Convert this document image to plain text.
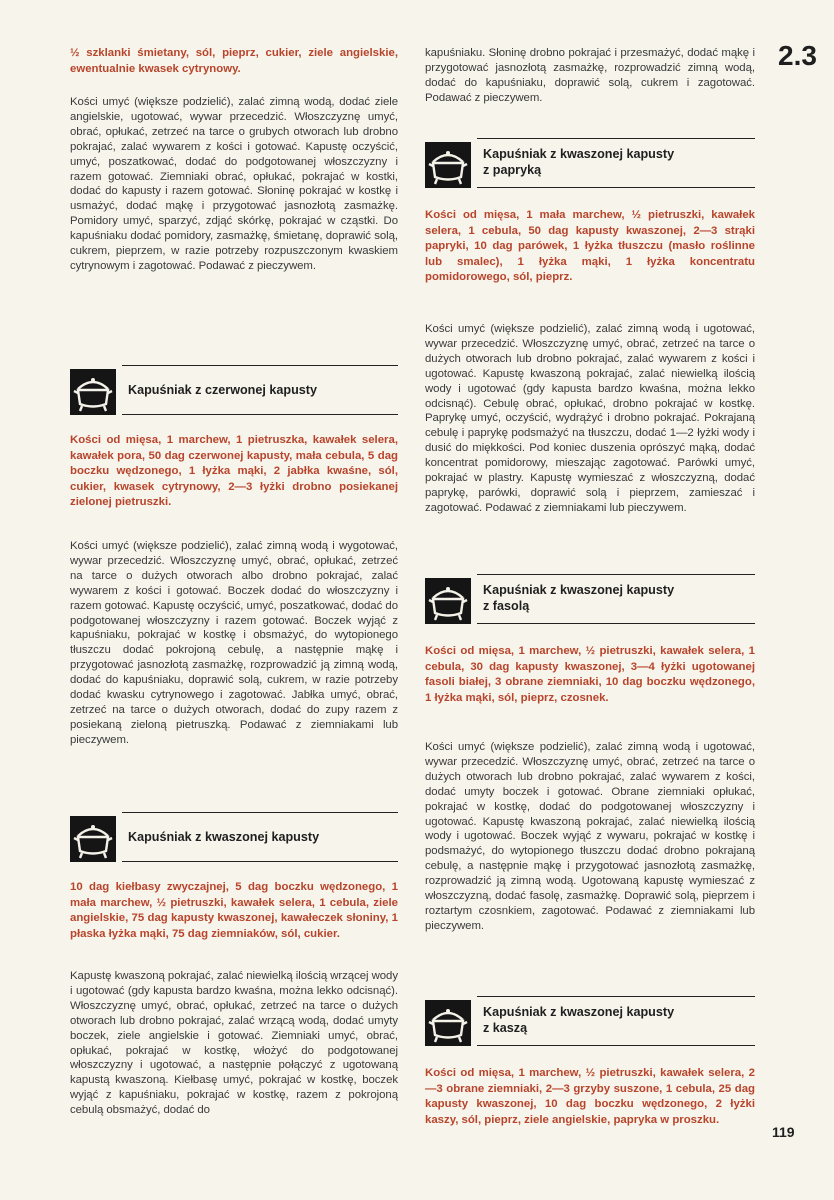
2.3

½ szklanki śmietany, sól, pieprz, cukier, ziele angielskie, ewentualnie kwasek cytrynowy.

Kości umyć (większe podzielić), zalać zimną wodą, dodać ziele angielskie, ugotować, wywar przecedzić. Włoszczyznę umyć, obrać, opłukać, zetrzeć na tarce o grubych otworach lub drobno pokrajać, zalać wywarem z kości i gotować. Kapustę oczyścić, umyć, poszatkować, dodać do podgotowanej włoszczyzny i razem gotować. Ziemniaki obrać, opłukać, pokrajać w kostki, dodać do kapusty i razem gotować. Słoninę pokrajać w kostkę i usmażyć, dodać mąkę i przygotować jasnozłotą zasmażkę. Pomidory umyć, sparzyć, zdjąć skórkę, pokrajać w cząstki. Do kapuśniaku dodać pomidory, zasmażkę, śmietanę, doprawić solą, cukrem, pieprzem, w razie potrzeby rozpuszczonym kwaskiem cytrynowym i zagotować. Podawać z pieczywem.

Kapuśniak z czerwonej kapusty

Kości od mięsa, 1 marchew, 1 pietruszka, kawałek selera, kawałek pora, 50 dag czerwonej kapusty, mała cebula, 5 dag boczku wędzonego, 1 łyżka mąki, 2 jabłka kwaśne, sól, cukier, kwasek cytrynowy, 2—3 łyżki drobno posiekanej zielonej pietruszki.

Kości umyć (większe podzielić), zalać zimną wodą i wygotować, wywar przecedzić. Włoszczyznę umyć, obrać, opłukać, zetrzeć na tarce o dużych otworach albo drobno pokrajać, zalać wywarem z kości i gotować. Boczek dodać do włoszczyzny i razem gotować. Kapustę oczyścić, umyć, poszatkować, dodać do podgotowanej włoszczyzny i razem gotować. Boczek wyjąć z kapuśniaku, pokrajać w kostkę i obsmażyć, do wytopionego tłuszczu dodać pokrojoną cebulę, a następnie mąkę i przygotować jasnozłotą zasmażkę, rozprowadzić ją zimną wodą, dodać do kapuśniaku, doprawić solą, cukrem, w razie potrzeby dodać kwasku cytrynowego i zagotować. Jabłka umyć, obrać, zetrzeć na tarce o dużych otworach, dodać do zupy razem z posiekaną zieloną pietruszką. Podawać z ziemniakami lub pieczywem.

Kapuśniak z kwaszonej kapusty

10 dag kiełbasy zwyczajnej, 5 dag boczku wędzonego, 1 mała marchew, ½ pietruszki, kawałek selera, 1 cebula, ziele angielskie, 75 dag kapusty kwaszonej, kawałeczek słoniny, 1 płaska łyżka mąki, 75 dag ziemniaków, sól, cukier.

Kapustę kwaszoną pokrajać, zalać niewielką ilością wrzącej wody i ugotować (gdy kapusta bardzo kwaśna, można lekko odcisnąć). Włoszczyznę umyć, obrać, opłukać, zetrzeć na tarce o dużych otworach lub drobno pokrajać, zalać wrzącą wodą, dodać umyty boczek, ziele angielskie i gotować. Ziemniaki umyć, obrać, opłukać, pokrajać w kostkę, włożyć do podgotowanej włoszczyzny i ugotować, a następnie połączyć z ugotowaną kapustą kwaszoną. Kiełbasę umyć, pokrajać w kostkę, boczek wyjąć z kapuśniaku, pokrajać w kostkę, razem z pokrojoną cebulą obsmażyć, dodać do

kapuśniaku. Słoninę drobno pokrajać i przesmażyć, dodać mąkę i przygotować jasnozłotą zasmażkę, rozprowadzić zimną wodą, dodać do kapuśniaku, doprawić solą, cukrem i zagotować. Podawać z pieczywem.

Kapuśniak z kwaszonej kapusty
z papryką

Kości od mięsa, 1 mała marchew, ½ pietruszki, kawałek selera, 1 cebula, 50 dag kapusty kwaszonej, 2—3 strąki papryki, 10 dag parówek, 1 łyżka tłuszczu (masło roślinne lub smalec), 1 łyżka mąki, 1 łyżka koncentratu pomidorowego, sól, pieprz.

Kości umyć (większe podzielić), zalać zimną wodą i ugotować, wywar przecedzić. Włoszczyznę umyć, obrać, zetrzeć na tarce o dużych otworach lub drobno pokrajać, zalać wywarem z kości i ugotować. Kapustę kwaszoną pokrajać, zalać niewielką ilością wody i ugotować (gdy kapusta bardzo kwaśna, można lekko odcisnąć). Cebulę obrać, opłukać, drobno pokrajać w kostkę. Paprykę umyć, oczyścić, wydrążyć i drobno pokrajać. Pokrajaną cebulę i paprykę podsmażyć na tłuszczu, dodać 1—2 łyżki wody i dusić do miękkości. Pod koniec duszenia oprószyć mąką, dodać koncentrat pomidorowy, mieszając zagotować. Parówki umyć, pokrajać w plastry. Kapustę wymieszać z włoszczyzną, dodać paprykę, parówki, doprawić solą i pieprzem, zamieszać i zagotować. Podawać z ziemniakami lub pieczywem.

Kapuśniak z kwaszonej kapusty
z fasolą

Kości od mięsa, 1 marchew, ½ pietruszki, kawałek selera, 1 cebula, 30 dag kapusty kwaszonej, 3—4 łyżki ugotowanej fasoli białej, 3 obrane ziemniaki, 10 dag boczku wędzonego, 1 łyżka mąki, sól, pieprz, czosnek.

Kości umyć (większe podzielić), zalać zimną wodą i ugotować, wywar przecedzić. Włoszczyznę umyć, obrać, zetrzeć na tarce o dużych otworach lub drobno pokrajać, zalać wywarem z kości, dodać umyty boczek i gotować. Obrane ziemniaki opłukać, pokrajać w kostkę, dodać do podgotowanej włoszczyzny i ugotować. Kapustę kwaszoną pokrajać, zalać niewielką ilością wody i ugotować. Boczek wyjąć z wywaru, pokrajać w kostkę i podsmażyć, do wytopionego tłuszczu dodać drobno pokrajaną cebulę, a następnie mąkę i przygotować jasnozłotą zasmażkę, rozprowadzić ją zimną wodą. Ugotowaną kapustę wymieszać z włoszczyzną, dodać fasolę, zasmażkę. Doprawić solą, pieprzem i roztartym czosnkiem, zagotować. Podawać z ziemniakami lub pieczywem.

Kapuśniak z kwaszonej kapusty
z kaszą

Kości od mięsa, 1 marchew, ½ pietruszki, kawałek selera, 2—3 obrane ziemniaki, 2—3 grzyby suszone, 1 cebula, 25 dag kapusty kwaszonej, 10 dag boczku wędzonego, 2 łyżki kaszy, sól, pieprz, ziele angielskie, papryka w proszku.

119
